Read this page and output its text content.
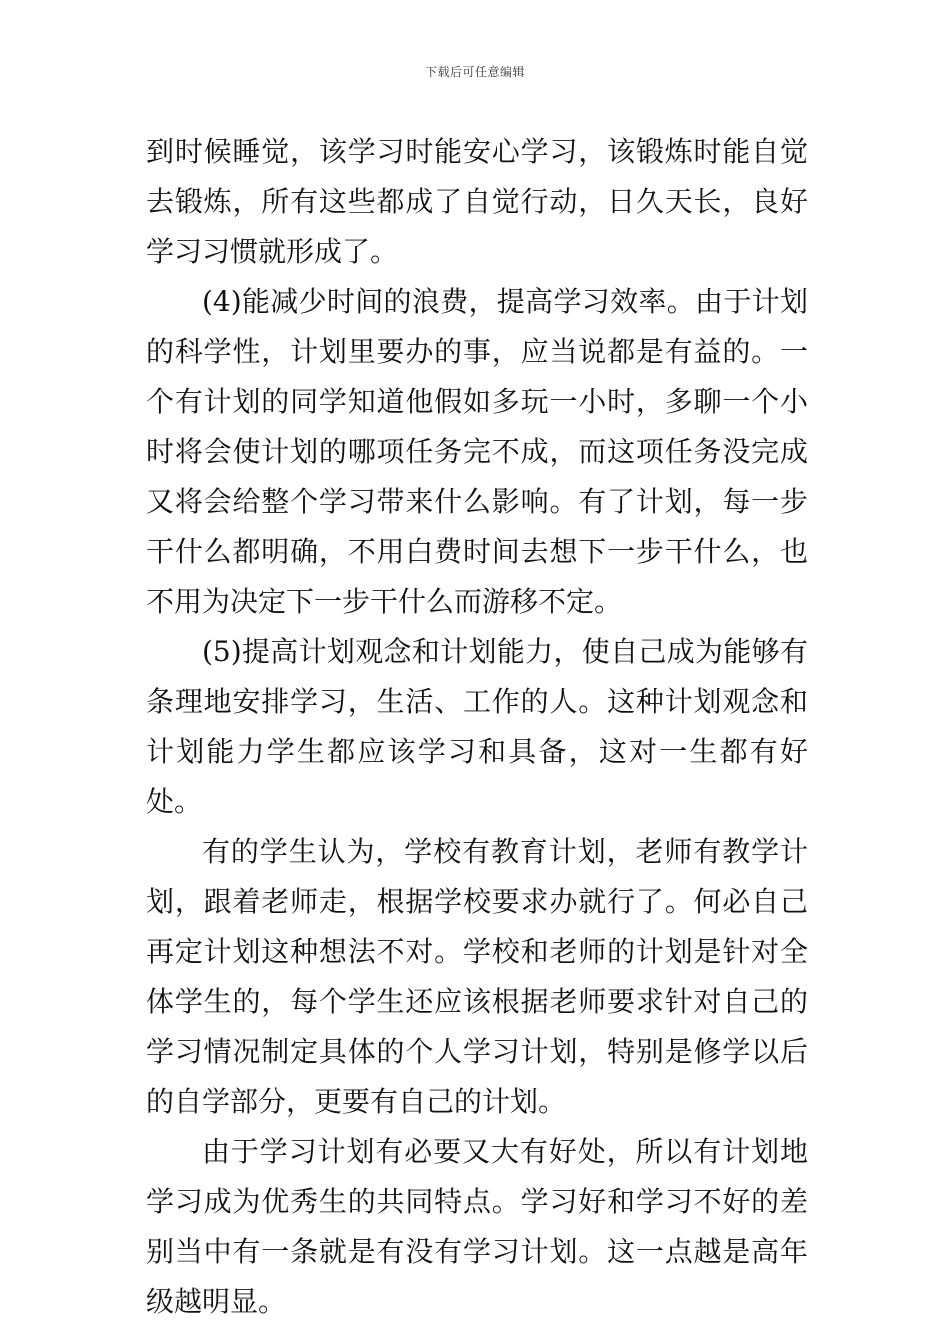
下载后可任意编辑

到时候睡觉，该学习时能安心学习，该锻炼时能自觉去锻炼，所有这些都成了自觉行动，日久天长，良好学习习惯就形成了。

(4)能减少时间的浪费，提高学习效率。由于计划的科学性，计划里要办的事，应当说都是有益的。一个有计划的同学知道他假如多玩一小时，多聊一个小时将会使计划的哪项任务完不成，而这项任务没完成又将会给整个学习带来什么影响。有了计划，每一步干什么都明确，不用白费时间去想下一步干什么，也不用为决定下一步干什么而游移不定。

(5)提高计划观念和计划能力，使自己成为能够有条理地安排学习，生活、工作的人。这种计划观念和计划能力学生都应该学习和具备，这对一生都有好处。

有的学生认为，学校有教育计划，老师有教学计划，跟着老师走，根据学校要求办就行了。何必自己再定计划这种想法不对。学校和老师的计划是针对全体学生的，每个学生还应该根据老师要求针对自己的学习情况制定具体的个人学习计划，特别是修学以后的自学部分，更要有自己的计划。

由于学习计划有必要又大有好处，所以有计划地学习成为优秀生的共同特点。学习好和学习不好的差别当中有一条就是有没有学习计划。这一点越是高年级越明显。
